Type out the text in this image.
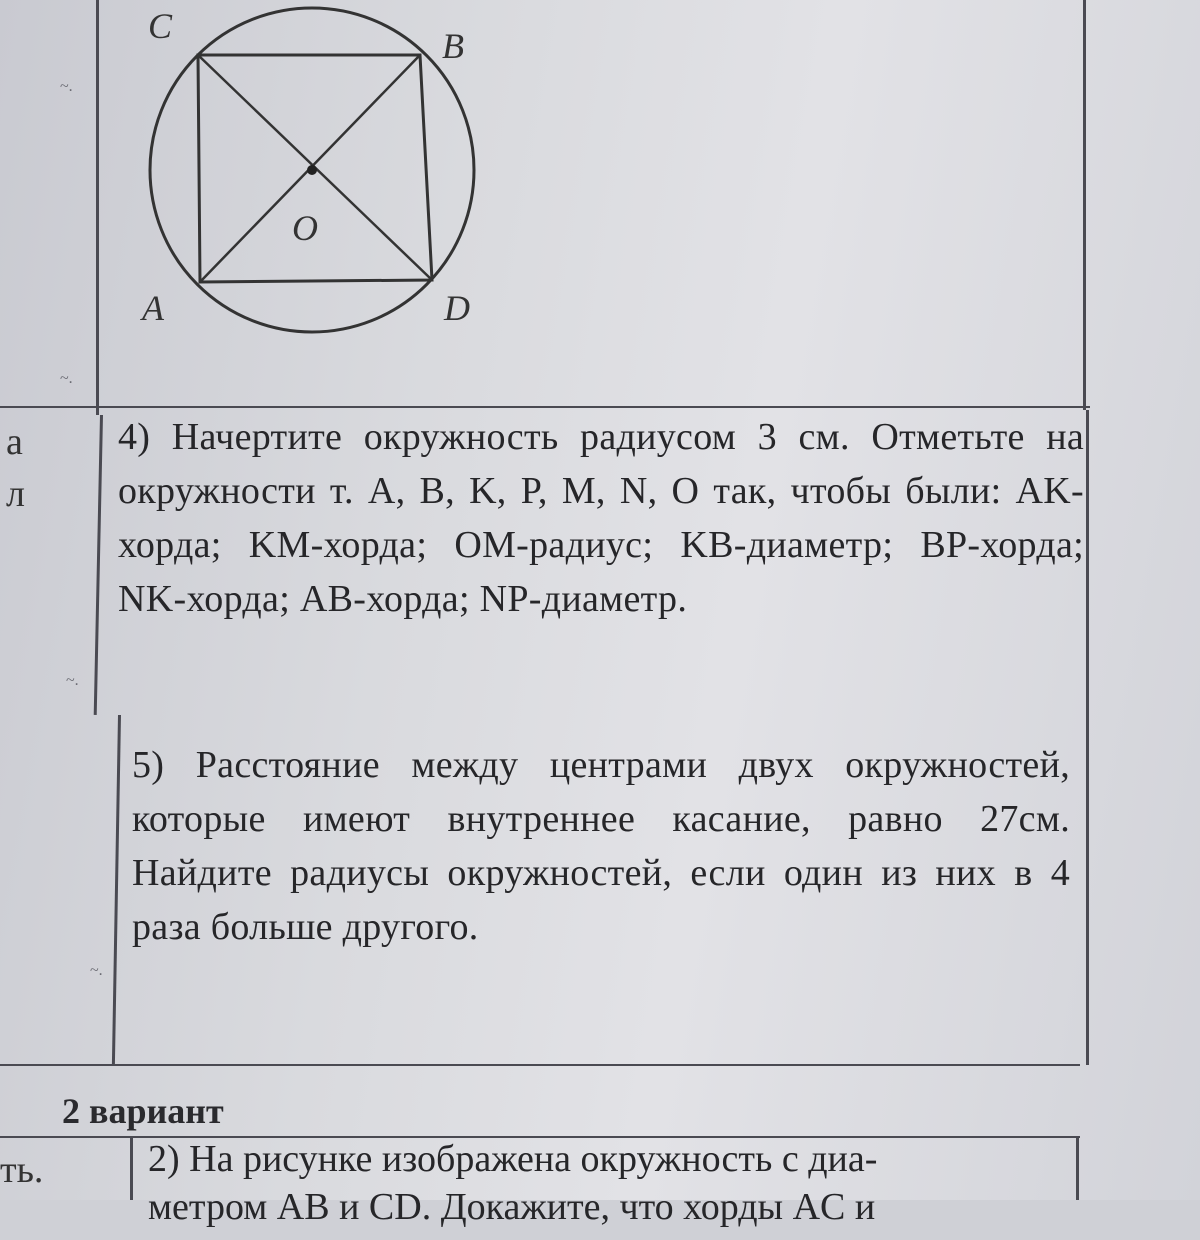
C	B
A	D
O
а
л
ть.
~.
~.
~.
~.
4) Начертите окружность радиусом 3 см. Отметьте на окружности т. A, B, K, P, M, N, O так, чтобы были: AK-хорда; KM-хорда; OM-радиус; KB-диаметр; BP-хорда; NK-хорда; AB-хорда; NP-диаметр.
5) Расстояние между центрами двух окружностей, которые имеют внутреннее касание, равно 27см. Найдите радиусы окружностей, если один из них в 4 раза больше другого.
2 вариант
2) На рисунке изображена окружность с диа-
метром AB и CD. Докажите, что хорды AC и
